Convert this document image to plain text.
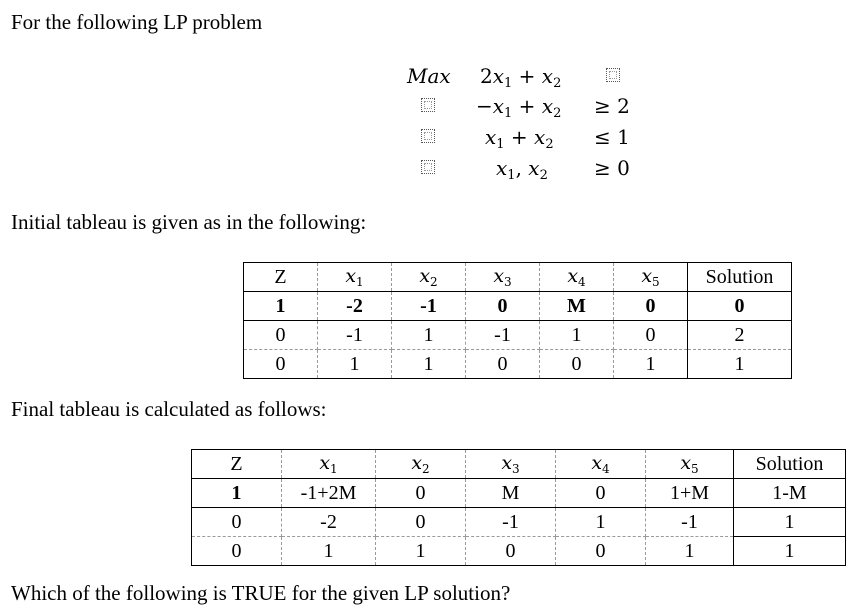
For the following LP problem
Max $2x_1 + x_2$
$-x_1 + x_2 \ge 2$
$x_1 + x_2 \le 1$
$x_1$, $x_2 \ge 0$
Initial tableau is given as in the following:
Z	$x_1$	$x_2$	$x_3$	$x_4$	$x_5$	Solution
1	-2	-1	0	M	0	0
0	-1	1	-1	1	0	2
0	1	1	0	0	1	1
Final tableau is calculated as follows:
Z	$x_1$	$x_2$	$x_3$	$x_4$	$x_5$	Solution
1	-1+2M	0	M	0	1+M	1-M
0	-2	0	-1	1	-1	1
0	1	1	0	0	1	1
Which of the following is TRUE for the given LP solution?
